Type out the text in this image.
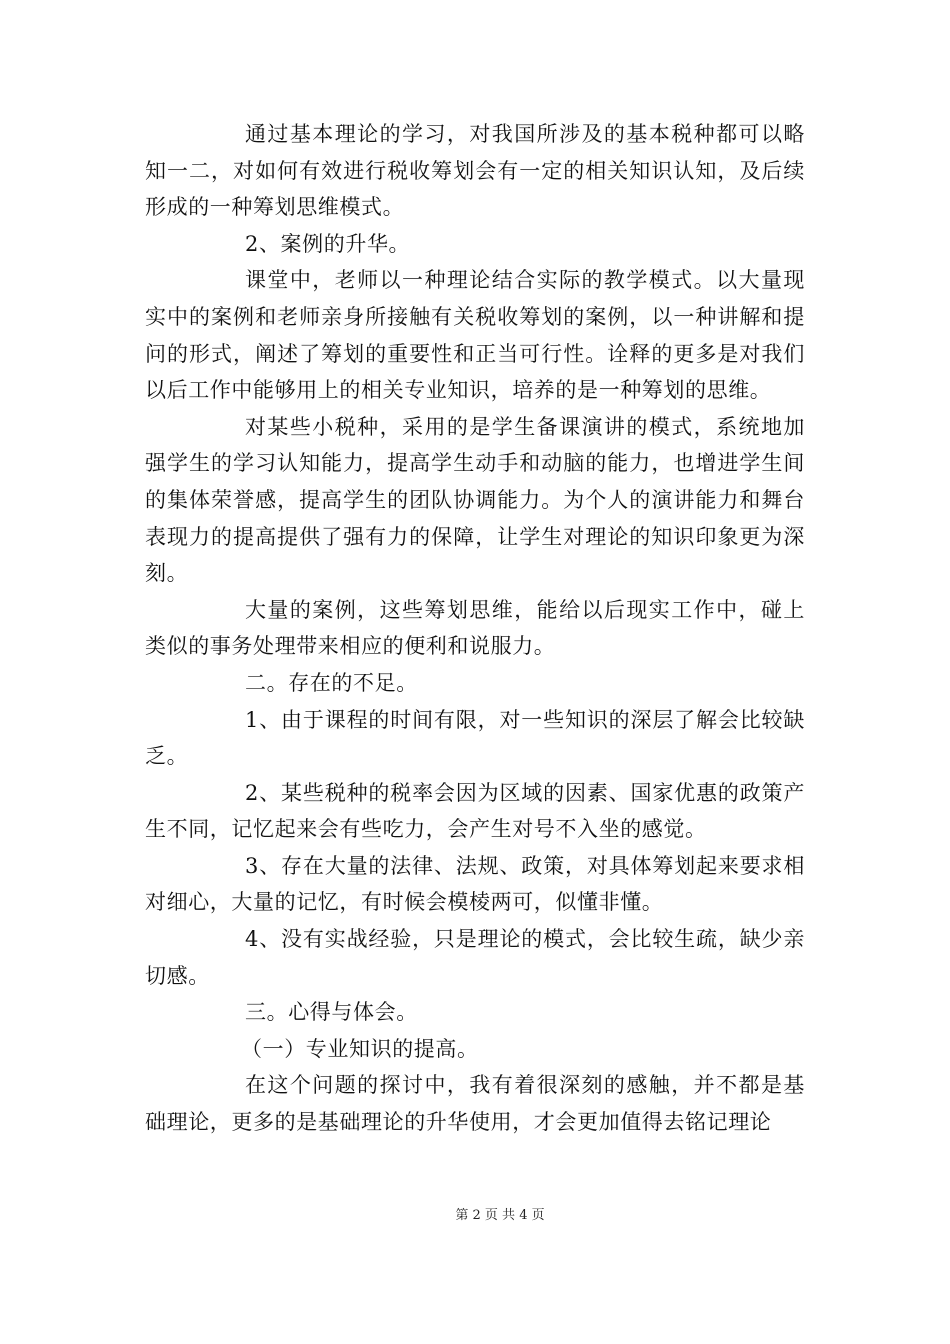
通过基本理论的学习，对我国所涉及的基本税种都可以略知一二，对如何有效进行税收筹划会有一定的相关知识认知，及后续形成的一种筹划思维模式。

2、案例的升华。

课堂中，老师以一种理论结合实际的教学模式。以大量现实中的案例和老师亲身所接触有关税收筹划的案例，以一种讲解和提问的形式，阐述了筹划的重要性和正当可行性。诠释的更多是对我们以后工作中能够用上的相关专业知识，培养的是一种筹划的思维。

对某些小税种，采用的是学生备课演讲的模式，系统地加强学生的学习认知能力，提高学生动手和动脑的能力，也增进学生间的集体荣誉感，提高学生的团队协调能力。为个人的演讲能力和舞台表现力的提高提供了强有力的保障，让学生对理论的知识印象更为深刻。

大量的案例，这些筹划思维，能给以后现实工作中，碰上类似的事务处理带来相应的便利和说服力。

二。存在的不足。

1、由于课程的时间有限，对一些知识的深层了解会比较缺乏。

2、某些税种的税率会因为区域的因素、国家优惠的政策产生不同，记忆起来会有些吃力，会产生对号不入坐的感觉。

3、存在大量的法律、法规、政策，对具体筹划起来要求相对细心，大量的记忆，有时候会模棱两可，似懂非懂。

4、没有实战经验，只是理论的模式，会比较生疏，缺少亲切感。

三。心得与体会。

（一）专业知识的提高。

在这个问题的探讨中，我有着很深刻的感触，并不都是基础理论，更多的是基础理论的升华使用，才会更加值得去铭记理论

第 2 页 共 4 页
